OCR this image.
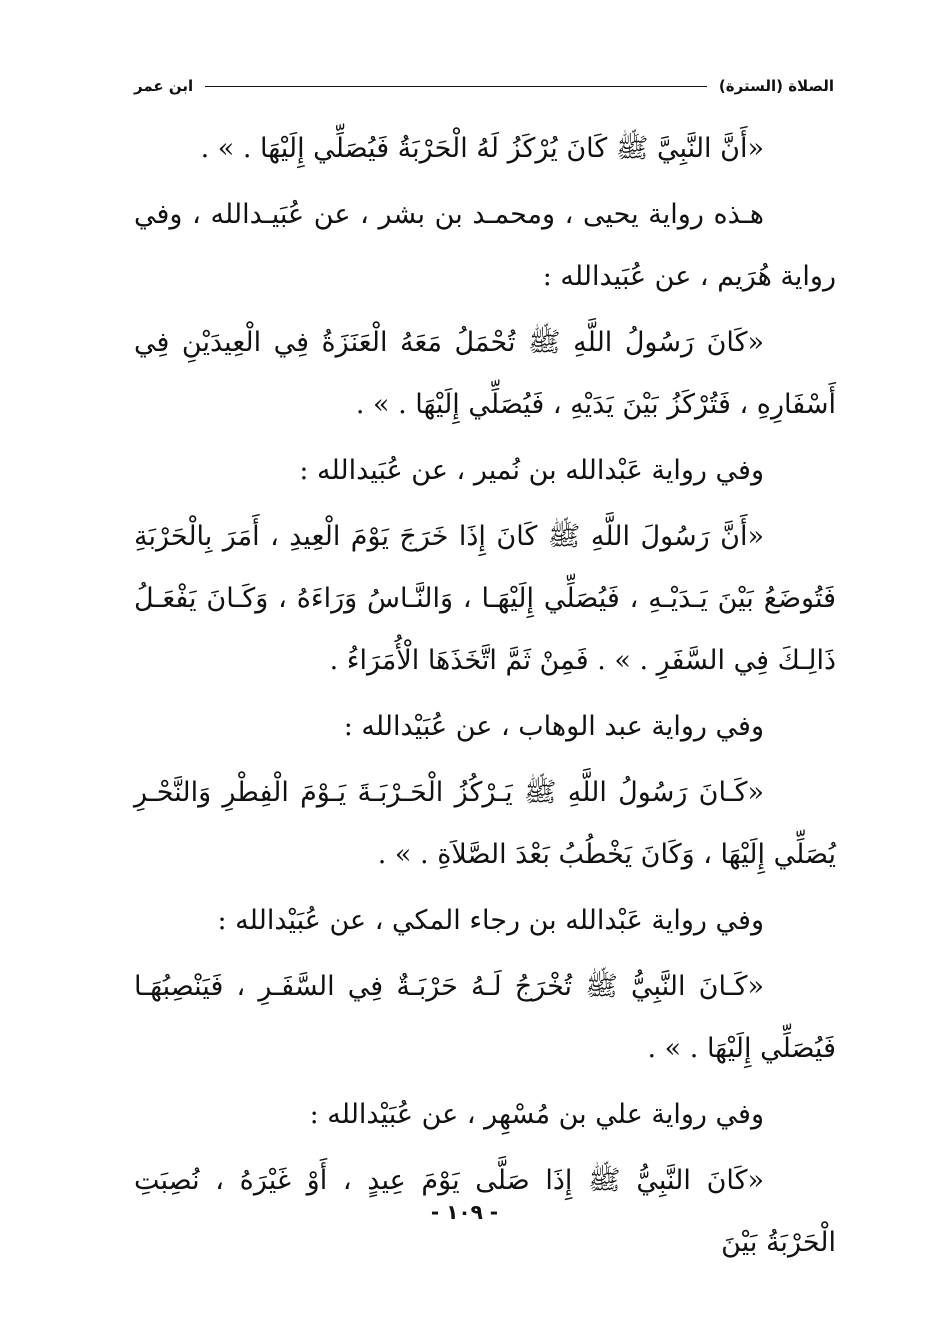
الصلاة (السترة)
ابن عمر

«أَنَّ النَّبِيَّ ﷺ كَانَ يُرْكَزُ لَهُ الْحَرْبَةُ فَيُصَلِّي إِلَيْهَا . » .

هـذه رواية يحيى ، ومحمـد بن بشر ، عن عُبَيـدالله ، وفي رواية هُرَيم ، عن عُبَيدالله :

«كَانَ رَسُولُ اللَّهِ ﷺ تُحْمَلُ مَعَهُ الْعَنَزَةُ فِي الْعِيدَيْنِ فِي أَسْفَارِهِ ، فَتُرْكَزُ بَيْنَ يَدَيْهِ ، فَيُصَلِّي إِلَيْهَا . » .

وفي رواية عَبْدالله بن نُمير ، عن عُبَيدالله :

«أَنَّ رَسُولَ اللَّهِ ﷺ كَانَ إِذَا خَرَجَ يَوْمَ الْعِيدِ ، أَمَرَ بِالْحَرْبَةِ فَتُوضَعُ بَيْنَ يَـدَيْـهِ ، فَيُصَلِّي إِلَيْهَـا ، وَالنَّـاسُ وَرَاءَهُ ، وَكَـانَ يَفْعَـلُ ذَالِـكَ فِي السَّفَرِ . » . فَمِنْ ثَمَّ اتَّخَذَهَا الْأُمَرَاءُ .

وفي رواية عبد الوهاب ، عن عُبَيْدالله :

«كَـانَ رَسُولُ اللَّهِ ﷺ يَـرْكُزُ الْحَـرْبَـةَ يَـوْمَ الْفِطْرِ وَالنَّحْـرِ يُصَلِّي إِلَيْهَا ، وَكَانَ يَخْطُبُ بَعْدَ الصَّلاَةِ . » .

وفي رواية عَبْدالله بن رجاء المكي ، عن عُبَيْدالله :

«كَـانَ النَّبِيُّ ﷺ تُخْرَجُ لَـهُ حَرْبَـةٌ فِي السَّفَـرِ ، فَيَنْصِبُهَـا فَيُصَلِّي إِلَيْهَا . » .

وفي رواية علي بن مُسْهِر ، عن عُبَيْدالله :

«كَانَ النَّبِيُّ ﷺ إِذَا صَلَّى يَوْمَ عِيدٍ ، أَوْ غَيْرَهُ ، نُصِبَتِ الْحَرْبَةُ بَيْنَ

- ١٠٩ -
